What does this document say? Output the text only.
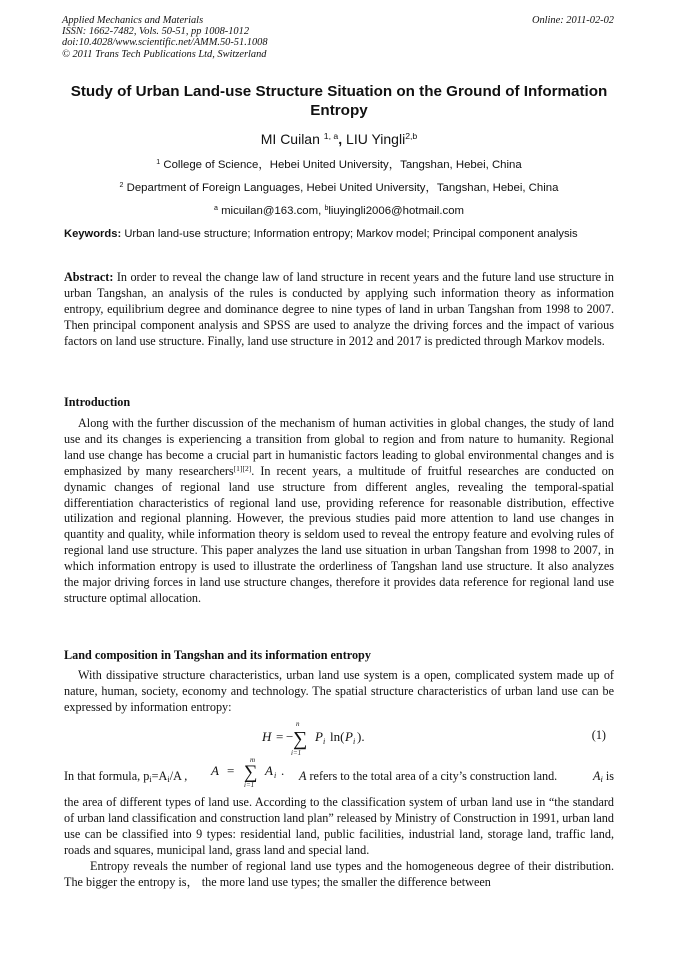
Applied Mechanics and Materials
ISSN: 1662-7482, Vols. 50-51, pp 1008-1012
doi:10.4028/www.scientific.net/AMM.50-51.1008
© 2011 Trans Tech Publications Ltd, Switzerland
Online: 2011-02-02
Study of Urban Land-use Structure Situation on the Ground of Information Entropy
MI Cuilan $^{1, a}$, LIU Yingli$^{2,b}$
$^1$ College of Science，Hebei United University，Tangshan, Hebei, China
$^2$ Department of Foreign Languages, Hebei United University，Tangshan, Hebei, China
$^a$ micuilan@163.com, $^b$liuyingli2006@hotmail.com
Keywords: Urban land-use structure; Information entropy; Markov model; Principal component analysis
Abstract: In order to reveal the change law of land structure in recent years and the future land use structure in urban Tangshan, an analysis of the rules is conducted by applying such information theory as information entropy, equilibrium degree and dominance degree to nine types of land in urban Tangshan from 1998 to 2007. Then principal component analysis and SPSS are used to analyze the driving forces and the impact of various factors on land use structure. Finally, land use structure in 2012 and 2017 is predicted through Markov models.
Introduction
Along with the further discussion of the mechanism of human activities in global changes, the study of land use and its changes is experiencing a transition from global to region and from nature to humanity. Regional land use change has become a crucial part in humanistic factors leading to global environmental changes and is emphasized by many researchers[1][2]. In recent years, a multitude of fruitful researches are conducted on dynamic changes of regional land use structure from different angles, revealing the temporal-spatial differentiation characteristics of regional land use, providing reference for reasonable distribution, effective utilization and regional planning. However, the previous studies paid more attention to land use changes in quantity and quality, while information theory is seldom used to reveal the entropy feature and evolving rules of regional land use structure. This paper analyzes the land use situation in urban Tangshan from 1998 to 2007, in which information entropy is used to illustrate the orderliness of Tangshan land use structure. It also analyzes the major driving forces in land use structure changes, therefore it provides data reference for regional land use structure optimal allocation.
Land composition in Tangshan and its information entropy
With dissipative structure characteristics, urban land use system is a open, complicated system made up of nature, human, society, economy and technology. The spatial structure characteristics of urban land use can be expressed by information entropy:
H = −
n
∑
i=1
P i ln( P i ).	(1)
In that formula, $p_i=A_i/A$ , A =
m
∑
i=1
A i . A refers to the total area of a city’s construction land.	$A_i$ is
the area of different types of land use. According to the classification system of urban land use in “the standard of urban land classification and construction land plan” released by Ministry of Construction in 1991, urban land use can be classified into 9 types: residential land, public facilities, industrial land, storage land, traffic land, roads and squares, municipal land, grass land and special land.
Entropy reveals the number of regional land use types and the homogeneous degree of their distribution. The bigger the entropy is， the more land use types; the smaller the difference between
